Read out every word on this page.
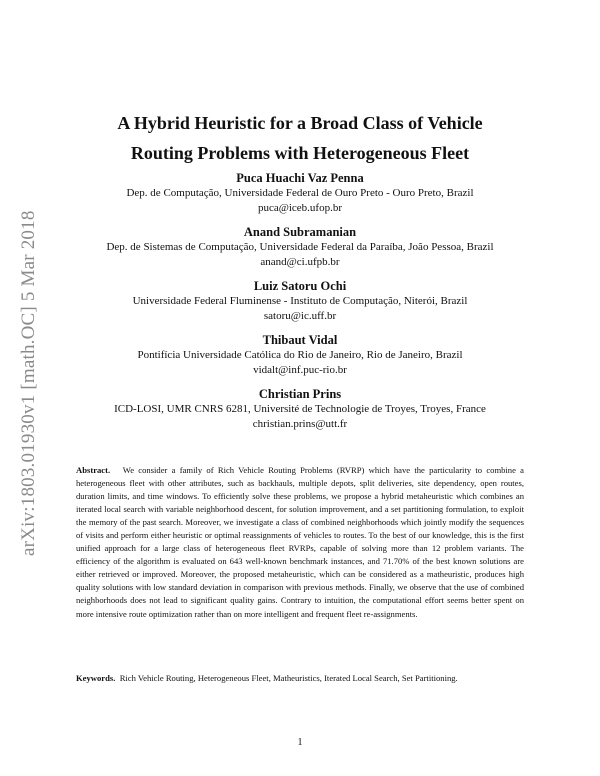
arXiv:1803.01930v1 [math.OC] 5 Mar 2018
A Hybrid Heuristic for a Broad Class of Vehicle
Routing Problems with Heterogeneous Fleet
Puca Huachi Vaz Penna
Dep. de Computação, Universidade Federal de Ouro Preto - Ouro Preto, Brazil
puca@iceb.ufop.br
Anand Subramanian
Dep. de Sistemas de Computação, Universidade Federal da Paraíba, João Pessoa, Brazil
anand@ci.ufpb.br
Luiz Satoru Ochi
Universidade Federal Fluminense - Instituto de Computação, Niterói, Brazil
satoru@ic.uff.br
Thibaut Vidal
Pontifícia Universidade Católica do Rio de Janeiro, Rio de Janeiro, Brazil
vidalt@inf.puc-rio.br
Christian Prins
ICD-LOSI, UMR CNRS 6281, Université de Technologie de Troyes, Troyes, France
christian.prins@utt.fr

Abstract. We consider a family of Rich Vehicle Routing Problems (RVRP) which have the particularity to combine a heterogeneous fleet with other attributes, such as backhauls, multiple depots, split deliveries, site dependency, open routes, duration limits, and time windows. To efficiently solve these problems, we propose a hybrid metaheuristic which combines an iterated local search with variable neighborhood descent, for solution improvement, and a set partitioning formulation, to exploit the memory of the past search. Moreover, we investigate a class of combined neighborhoods which jointly modify the sequences of visits and perform either heuristic or optimal reassignments of vehicles to routes. To the best of our knowledge, this is the first unified approach for a large class of heterogeneous fleet RVRPs, capable of solving more than 12 problem variants. The efficiency of the algorithm is evaluated on 643 well-known benchmark instances, and 71.70% of the best known solutions are either retrieved or improved. Moreover, the proposed metaheuristic, which can be considered as a matheuristic, produces high quality solutions with low standard deviation in comparison with previous methods. Finally, we observe that the use of combined neighborhoods does not lead to significant quality gains. Contrary to intuition, the computational effort seems better spent on more intensive route optimization rather than on more intelligent and frequent fleet re-assignments.

Keywords. Rich Vehicle Routing, Heterogeneous Fleet, Matheuristics, Iterated Local Search, Set Partitioning.

1
